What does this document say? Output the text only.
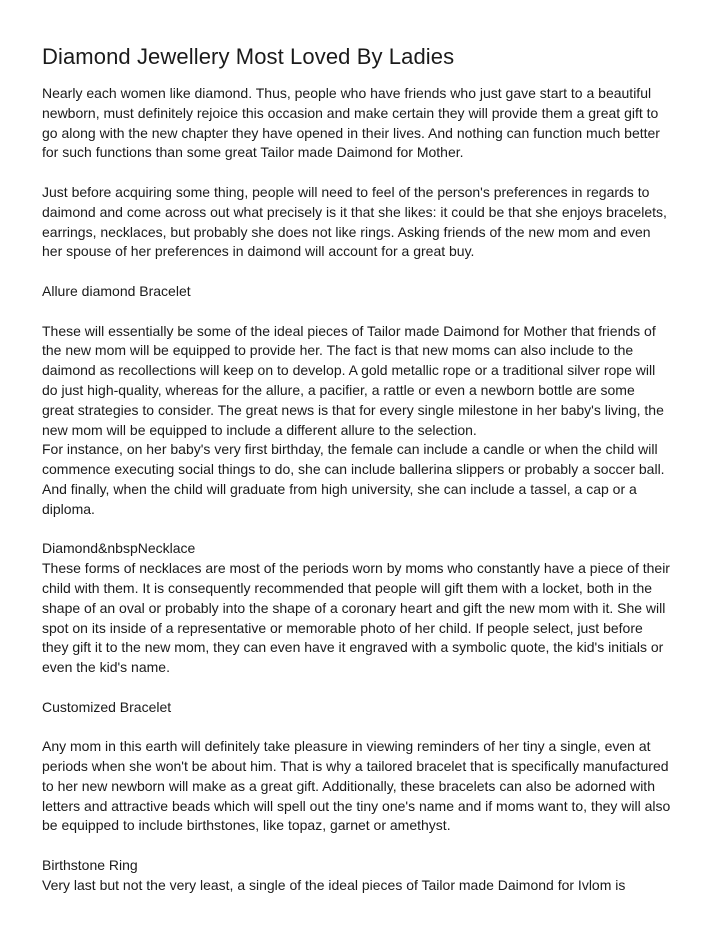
Diamond Jewellery Most Loved By Ladies
Nearly each women like diamond. Thus, people who have friends who just gave start to a beautiful
newborn, must definitely rejoice this occasion and make certain they will provide them a great gift to
go along with the new chapter they have opened in their lives. And nothing can function much better
for such functions than some great Tailor made Daimond for Mother.
Just before acquiring some thing, people will need to feel of the person's preferences in regards to
daimond and come across out what precisely is it that she likes: it could be that she enjoys bracelets,
earrings, necklaces, but probably she does not like rings. Asking friends of the new mom and even
her spouse of her preferences in daimond will account for a great buy.
Allure diamond Bracelet
These will essentially be some of the ideal pieces of Tailor made Daimond for Mother that friends of
the new mom will be equipped to provide her. The fact is that new moms can also include to the
daimond as recollections will keep on to develop. A gold metallic rope or a traditional silver rope will
do just high-quality, whereas for the allure, a pacifier, a rattle or even a newborn bottle are some
great strategies to consider. The great news is that for every single milestone in her baby's living, the
new mom will be equipped to include a different allure to the selection.
For instance, on her baby's very first birthday, the female can include a candle or when the child will
commence executing social things to do, she can include ballerina slippers or probably a soccer ball.
And finally, when the child will graduate from high university, she can include a tassel, a cap or a
diploma.
Diamond&nbspNecklace
These forms of necklaces are most of the periods worn by moms who constantly have a piece of their
child with them. It is consequently recommended that people will gift them with a locket, both in the
shape of an oval or probably into the shape of a coronary heart and gift the new mom with it. She will
spot on its inside of a representative or memorable photo of her child. If people select, just before
they gift it to the new mom, they can even have it engraved with a symbolic quote, the kid's initials or
even the kid's name.
Customized Bracelet
Any mom in this earth will definitely take pleasure in viewing reminders of her tiny a single, even at
periods when she won't be about him. That is why a tailored bracelet that is specifically manufactured
to her new newborn will make as a great gift. Additionally, these bracelets can also be adorned with
letters and attractive beads which will spell out the tiny one's name and if moms want to, they will also
be equipped to include birthstones, like topaz, garnet or amethyst.
Birthstone Ring
Very last but not the very least, a single of the ideal pieces of Tailor made Daimond for Ivlom is
